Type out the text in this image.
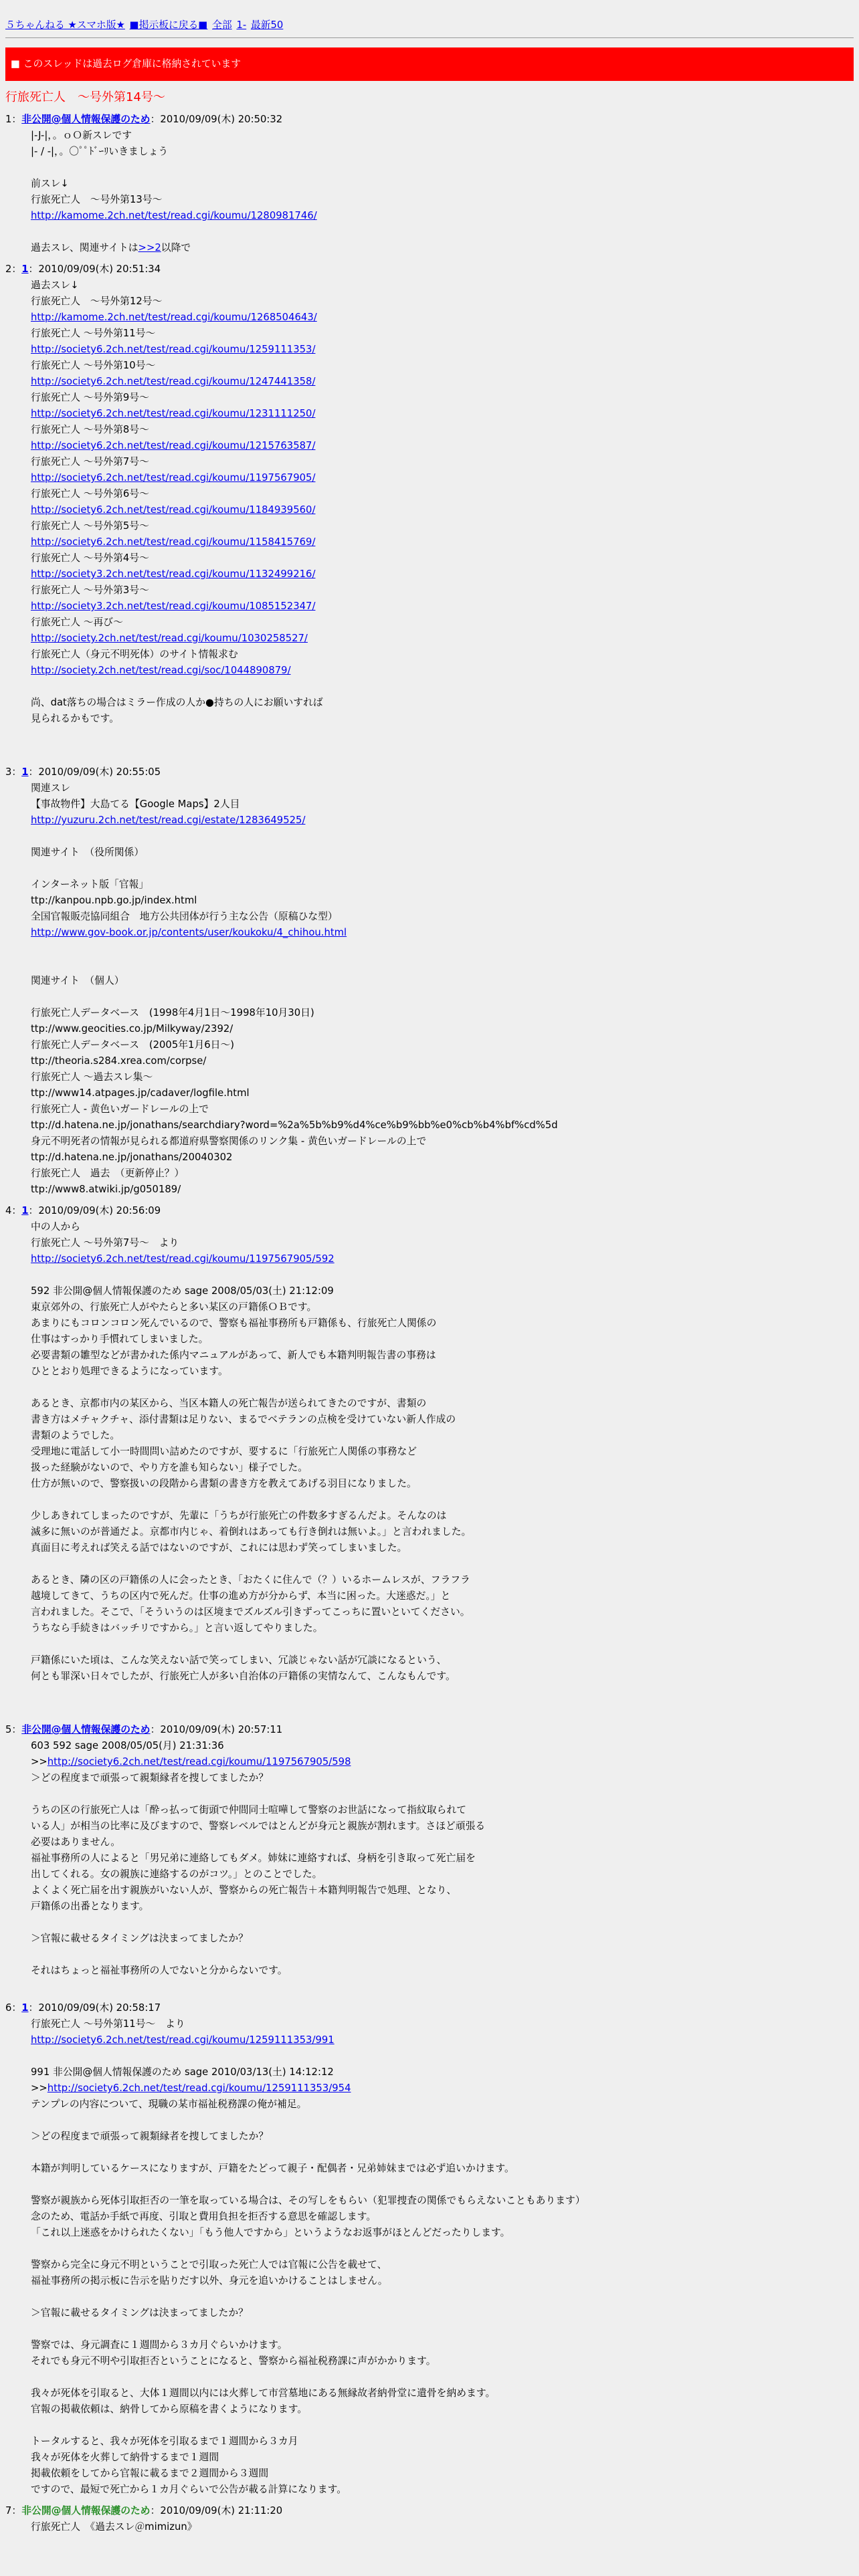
５ちゃんねる ★スマホ版★ ■掲示板に戻る■ 全部 1- 最新50
■ このスレッドは過去ログ倉庫に格納されています
行旅死亡人　～号外第14号～
1：非公開@個人情報保護のため：2010/09/09(木) 20:50:32
|-J-|，。ｏＯ新スレです
|- / -|，。○ﾟﾟﾄﾞｰﾘいきましょう
前スレ↓
行旅死亡人　～号外第13号～
http://kamome.2ch.net/test/read.cgi/koumu/1280981746/
過去スレ、関連サイトは>>2以降で
2：1：2010/09/09(木) 20:51:34
過去スレ↓
行旅死亡人　～号外第12号～
http://kamome.2ch.net/test/read.cgi/koumu/1268504643/
行旅死亡人 ～号外第11号～
http://society6.2ch.net/test/read.cgi/koumu/1259111353/
行旅死亡人 ～号外第10号～
http://society6.2ch.net/test/read.cgi/koumu/1247441358/
行旅死亡人 ～号外第9号～
http://society6.2ch.net/test/read.cgi/koumu/1231111250/
行旅死亡人 ～号外第8号～
http://society6.2ch.net/test/read.cgi/koumu/1215763587/
行旅死亡人 ～号外第7号～
http://society6.2ch.net/test/read.cgi/koumu/1197567905/
行旅死亡人 ～号外第6号～
http://society6.2ch.net/test/read.cgi/koumu/1184939560/
行旅死亡人 ～号外第5号～
http://society6.2ch.net/test/read.cgi/koumu/1158415769/
行旅死亡人 ～号外第4号～
http://society3.2ch.net/test/read.cgi/koumu/1132499216/
行旅死亡人 ～号外第3号～
http://society3.2ch.net/test/read.cgi/koumu/1085152347/
行旅死亡人 ～再び～
http://society.2ch.net/test/read.cgi/koumu/1030258527/
行旅死亡人（身元不明死体）のサイト情報求む
http://society.2ch.net/test/read.cgi/soc/1044890879/
尚、dat落ちの場合はミラー作成の人か●持ちの人にお願いすれば
見られるかもです。
3：1：2010/09/09(木) 20:55:05
関連スレ
【事故物件】大島てる【Google Maps】2人目
http://yuzuru.2ch.net/test/read.cgi/estate/1283649525/
関連サイト　（役所関係）
インターネット版「官報」
ttp://kanpou.npb.go.jp/index.html
全国官報販売協同組合　地方公共団体が行う主な公告（原稿ひな型）
http://www.gov-book.or.jp/contents/user/koukoku/4_chihou.html
関連サイト　（個人）
行旅死亡人データベース　(1998年4月1日～1998年10月30日)
ttp://www.geocities.co.jp/Milkyway/2392/
行旅死亡人データベース　(2005年1月6日～)
ttp://theoria.s284.xrea.com/corpse/
行旅死亡人 ～過去スレ集～
ttp://www14.atpages.jp/cadaver/logfile.html
行旅死亡人 - 黄色いガードレールの上で
ttp://d.hatena.ne.jp/jonathans/searchdiary?word=%2a%5b%b9%d4%ce%b9%bb%e0%cb%b4%bf%cd%5d
身元不明死者の情報が見られる都道府県警察関係のリンク集 - 黄色いガードレールの上で
ttp://d.hatena.ne.jp/jonathans/20040302
行旅死亡人　過去　（更新停止？）
ttp://www8.atwiki.jp/g050189/
4：1：2010/09/09(木) 20:56:09
中の人から
行旅死亡人 ～号外第7号～　より
http://society6.2ch.net/test/read.cgi/koumu/1197567905/592
592 非公開@個人情報保護のため sage 2008/05/03(土) 21:12:09
東京郊外の、行旅死亡人がやたらと多い某区の戸籍係ＯＢです。
あまりにもコロンコロン死んでいるので、警察も福祉事務所も戸籍係も、行旅死亡人関係の
仕事はすっかり手慣れてしまいました。
必要書類の雛型などが書かれた係内マニュアルがあって、新人でも本籍判明報告書の事務は
ひととおり処理できるようになっています。
あるとき、京都市内の某区から、当区本籍人の死亡報告が送られてきたのですが、書類の
書き方はメチャクチャ、添付書類は足りない、まるでベテランの点検を受けていない新人作成の
書類のようでした。
受理地に電話して小一時間問い詰めたのですが、要するに「行旅死亡人関係の事務など
扱った経験がないので、やり方を誰も知らない」様子でした。
仕方が無いので、警察扱いの段階から書類の書き方を教えてあげる羽目になりました。
少しあきれてしまったのですが、先輩に「うちが行旅死亡の件数多すぎるんだよ。そんなのは
滅多に無いのが普通だよ。京都市内じゃ、着倒れはあっても行き倒れは無いよ。」と言われました。
真面目に考えれば笑える話ではないのですが、これには思わず笑ってしまいました。
あるとき、隣の区の戸籍係の人に会ったとき、「おたくに住んで（？）いるホームレスが、フラフラ
越境してきて、うちの区内で死んだ。仕事の進め方が分からず、本当に困った。大迷惑だ。」と
言われました。そこで、「そういうのは区境までズルズル引きずってこっちに置いといてください。
うちなら手続きはバッチリですから。」と言い返してやりました。
戸籍係にいた頃は、こんな笑えない話で笑ってしまい、冗談じゃない話が冗談になるという、
何とも罪深い日々でしたが、行旅死亡人が多い自治体の戸籍係の実情なんて、こんなもんです。
5：非公開@個人情報保護のため：2010/09/09(木) 20:57:11
603 592 sage 2008/05/05(月) 21:31:36
>>http://society6.2ch.net/test/read.cgi/koumu/1197567905/598
＞どの程度まで頑張って親類縁者を捜してましたか？
うちの区の行旅死亡人は「酔っ払って街頭で仲間同士喧嘩して警察のお世話になって指紋取られて
いる人」が相当の比率に及びますので、警察レベルではとんどが身元と親族が割れます。さほど頑張る
必要はありません。
福祉事務所の人によると「男兄弟に連絡してもダメ。姉妹に連絡すれば、身柄を引き取って死亡届を
出してくれる。女の親族に連絡するのがコツ。」とのことでした。
よくよく死亡届を出す親族がいない人が、警察からの死亡報告＋本籍判明報告で処理、となり、
戸籍係の出番となります。
＞官報に載せるタイミングは決まってましたか？
それはちょっと福祉事務所の人でないと分からないです。
6：1：2010/09/09(木) 20:58:17
行旅死亡人 ～号外第11号～　より
http://society6.2ch.net/test/read.cgi/koumu/1259111353/991
991 非公開@個人情報保護のため sage 2010/03/13(土) 14:12:12
>>http://society6.2ch.net/test/read.cgi/koumu/1259111353/954
テンプレの内容について、現職の某市福祉税務課の俺が補足。
＞どの程度まで頑張って親類縁者を捜してましたか？
本籍が判明しているケースになりますが、戸籍をたどって親子・配偶者・兄弟姉妹までは必ず追いかけます。
警察が親族から死体引取拒否の一筆を取っている場合は、その写しをもらい（犯罪捜査の関係でもらえないこともあります）
念のため、電話か手紙で再度、引取と費用負担を拒否する意思を確認します。
「これ以上迷惑をかけられたくない」「もう他人ですから」というようなお返事がほとんどだったりします。
警察から完全に身元不明ということで引取った死亡人では官報に公告を載せて、
福祉事務所の掲示板に告示を貼りだす以外、身元を追いかけることはしません。
＞官報に載せるタイミングは決まってましたか？
警察では、身元調査に１週間から３カ月ぐらいかけます。
それでも身元不明や引取拒否ということになると、警察から福祉税務課に声がかかります。
我々が死体を引取ると、大体１週間以内には火葬して市営墓地にある無縁故者納骨堂に遺骨を納めます。
官報の掲載依頼は、納骨してから原稿を書くようになります。
トータルすると、我々が死体を引取るまで１週間から３カ月
我々が死体を火葬して納骨するまで１週間
掲載依頼をしてから官報に載るまで２週間から３週間
ですので、最短で死亡から１カ月ぐらいで公告が載る計算になります。
7：非公開@個人情報保護のため：2010/09/09(木) 21:11:20
行旅死亡人　《過去スレ＠mimizun》
